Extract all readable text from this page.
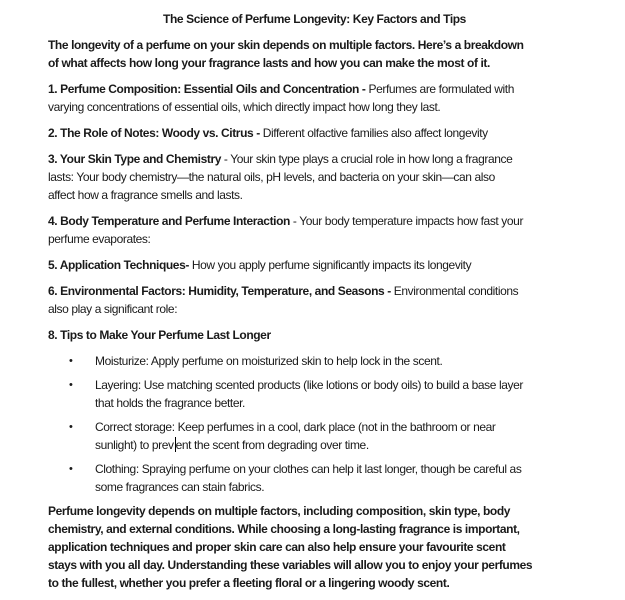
The Science of Perfume Longevity: Key Factors and Tips
The longevity of a perfume on your skin depends on multiple factors. Here’s a breakdown
of what affects how long your fragrance lasts and how you can make the most of it.
1. Perfume Composition: Essential Oils and Concentration - Perfumes are formulated with
varying concentrations of essential oils, which directly impact how long they last.
2. The Role of Notes: Woody vs. Citrus - Different olfactive families also affect longevity
3. Your Skin Type and Chemistry - Your skin type plays a crucial role in how long a fragrance
lasts: Your body chemistry—the natural oils, pH levels, and bacteria on your skin—can also
affect how a fragrance smells and lasts.
4. Body Temperature and Perfume Interaction - Your body temperature impacts how fast your
perfume evaporates:
5. Application Techniques- How you apply perfume significantly impacts its longevity
6. Environmental Factors: Humidity, Temperature, and Seasons - Environmental conditions
also play a significant role:
8. Tips to Make Your Perfume Last Longer
• Moisturize: Apply perfume on moisturized skin to help lock in the scent.
• Layering: Use matching scented products (like lotions or body oils) to build a base layer
that holds the fragrance better.
• Correct storage: Keep perfumes in a cool, dark place (not in the bathroom or near
sunlight) to prev ent the scent from degrading over time.
• Clothing: Spraying perfume on your clothes can help it last longer, though be careful as
some fragrances can stain fabrics.
Perfume longevity depends on multiple factors, including composition, skin type, body
chemistry, and external conditions. While choosing a long-lasting fragrance is important,
application techniques and proper skin care can also help ensure your favourite scent
stays with you all day. Understanding these variables will allow you to enjoy your perfumes
to the fullest, whether you prefer a fleeting floral or a lingering woody scent.
